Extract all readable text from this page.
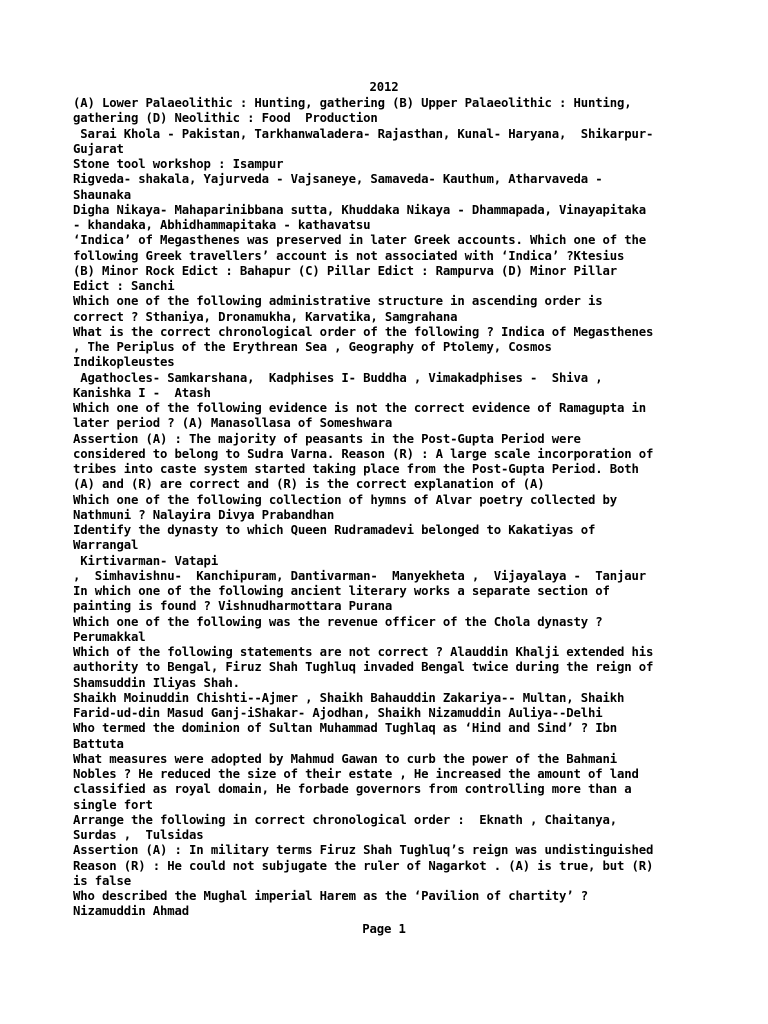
2012
(A) Lower Palaeolithic : Hunting, gathering (B) Upper Palaeolithic : Hunting,
gathering (D) Neolithic : Food  Production
Sarai Khola - Pakistan, Tarkhanwaladera- Rajasthan, Kunal- Haryana,  Shikarpur-
Gujarat
Stone tool workshop : Isampur
Rigveda- shakala, Yajurveda - Vajsaneye, Samaveda- Kauthum, Atharvaveda -
Shaunaka
Digha Nikaya- Mahaparinibbana sutta, Khuddaka Nikaya - Dhammapada, Vinayapitaka
- khandaka, Abhidhammapitaka - kathavatsu
‘Indica’ of Megasthenes was preserved in later Greek accounts. Which one of the
following Greek travellers’ account is not associated with ‘Indica’ ?Ktesius
(B) Minor Rock Edict : Bahapur (C) Pillar Edict : Rampurva (D) Minor Pillar
Edict : Sanchi
Which one of the following administrative structure in ascending order is
correct ? Sthaniya, Dronamukha, Karvatika, Samgrahana
What is the correct chronological order of the following ? Indica of Megasthenes
, The Periplus of the Erythrean Sea , Geography of Ptolemy, Cosmos
Indikopleustes
Agathocles- Samkarshana,  Kadphises I- Buddha , Vimakadphises -  Shiva ,
Kanishka I -  Atash
Which one of the following evidence is not the correct evidence of Ramagupta in
later period ? (A) Manasollasa of Someshwara
Assertion (A) : The majority of peasants in the Post-Gupta Period were
considered to belong to Sudra Varna. Reason (R) : A large scale incorporation of
tribes into caste system started taking place from the Post-Gupta Period. Both
(A) and (R) are correct and (R) is the correct explanation of (A)
Which one of the following collection of hymns of Alvar poetry collected by
Nathmuni ? Nalayira Divya Prabandhan
Identify the dynasty to which Queen Rudramadevi belonged to Kakatiyas of
Warrangal
Kirtivarman- Vatapi
,  Simhavishnu-  Kanchipuram, Dantivarman-  Manyekheta ,  Vijayalaya -  Tanjaur
In which one of the following ancient literary works a separate section of
painting is found ? Vishnudharmottara Purana
Which one of the following was the revenue officer of the Chola dynasty ?
Perumakkal
Which of the following statements are not correct ? Alauddin Khalji extended his
authority to Bengal, Firuz Shah Tughluq invaded Bengal twice during the reign of
Shamsuddin Iliyas Shah.
Shaikh Moinuddin Chishti--Ajmer , Shaikh Bahauddin Zakariya-- Multan, Shaikh
Farid-ud-din Masud Ganj-iShakar- Ajodhan, Shaikh Nizamuddin Auliya--Delhi
Who termed the dominion of Sultan Muhammad Tughlaq as ‘Hind and Sind’ ? Ibn
Battuta
What measures were adopted by Mahmud Gawan to curb the power of the Bahmani
Nobles ? He reduced the size of their estate , He increased the amount of land
classified as royal domain, He forbade governors from controlling more than a
single fort
Arrange the following in correct chronological order :  Eknath , Chaitanya,
Surdas ,  Tulsidas
Assertion (A) : In military terms Firuz Shah Tughluq’s reign was undistinguished
Reason (R) : He could not subjugate the ruler of Nagarkot . (A) is true, but (R)
is false
Who described the Mughal imperial Harem as the ‘Pavilion of chartity’ ?
Nizamuddin Ahmad
Page 1
